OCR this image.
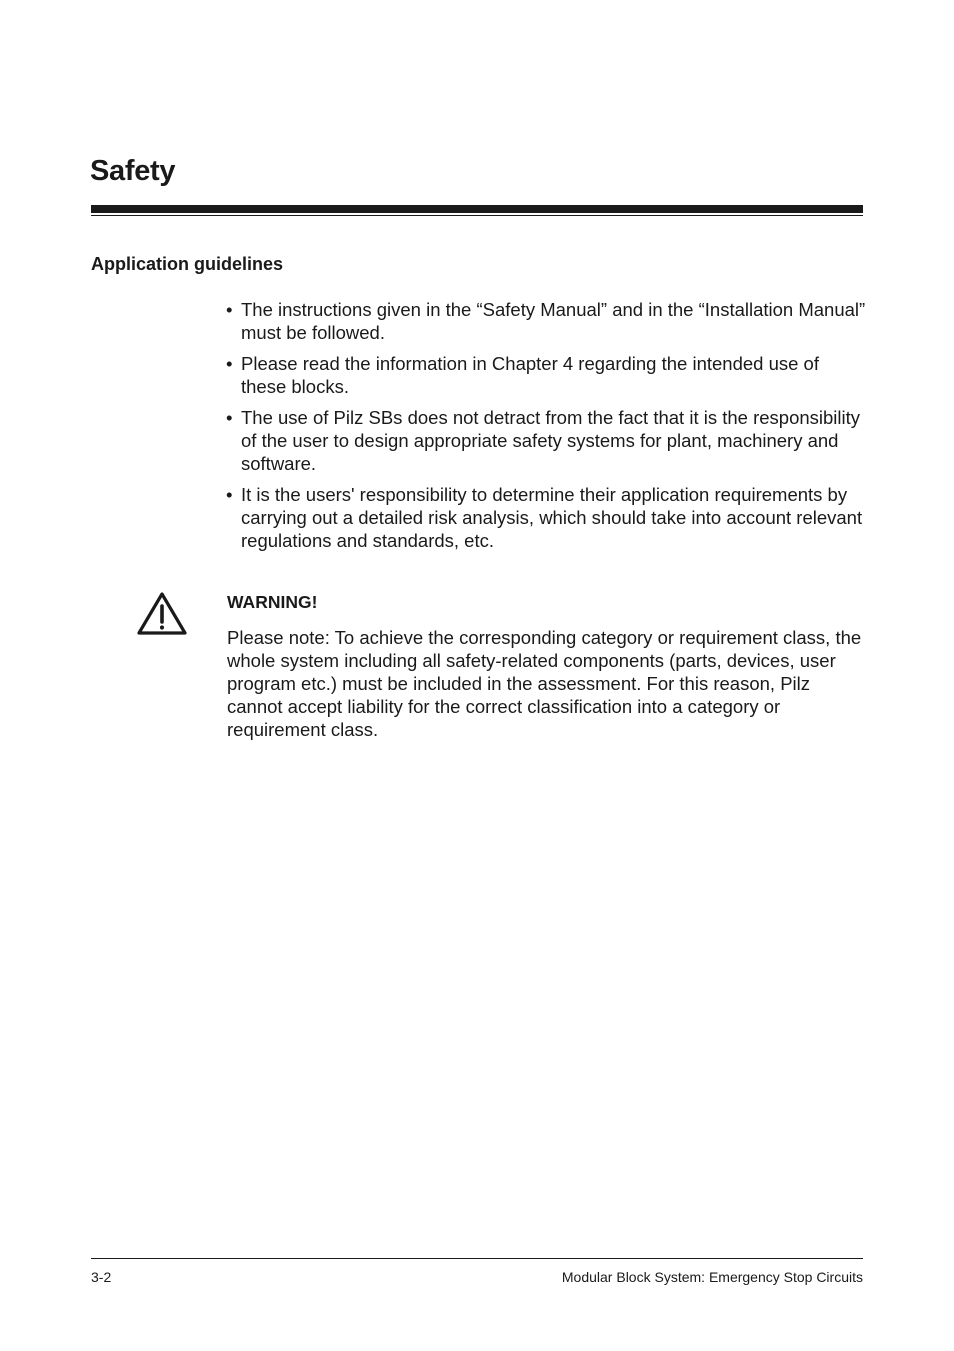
Safety
Application guidelines
• The instructions given in the “Safety Manual” and in the “Installation Manual” must be followed.
• Please read the information in Chapter 4 regarding the intended use of these blocks.
• The use of Pilz SBs does not detract from the fact that it is the responsibility of the user to design appropriate safety systems for plant, machinery and software.
• It is the users' responsibility to determine their application requirements by carrying out a detailed risk analysis, which should take into account relevant regulations and standards, etc.
WARNING!

Please note: To achieve the corresponding category or requirement class, the whole system including all safety-related components (parts, devices, user program etc.) must be included in the assessment. For this reason, Pilz cannot accept liability for the correct classification into a category or requirement class.

3-2	Modular Block System: Emergency Stop Circuits
